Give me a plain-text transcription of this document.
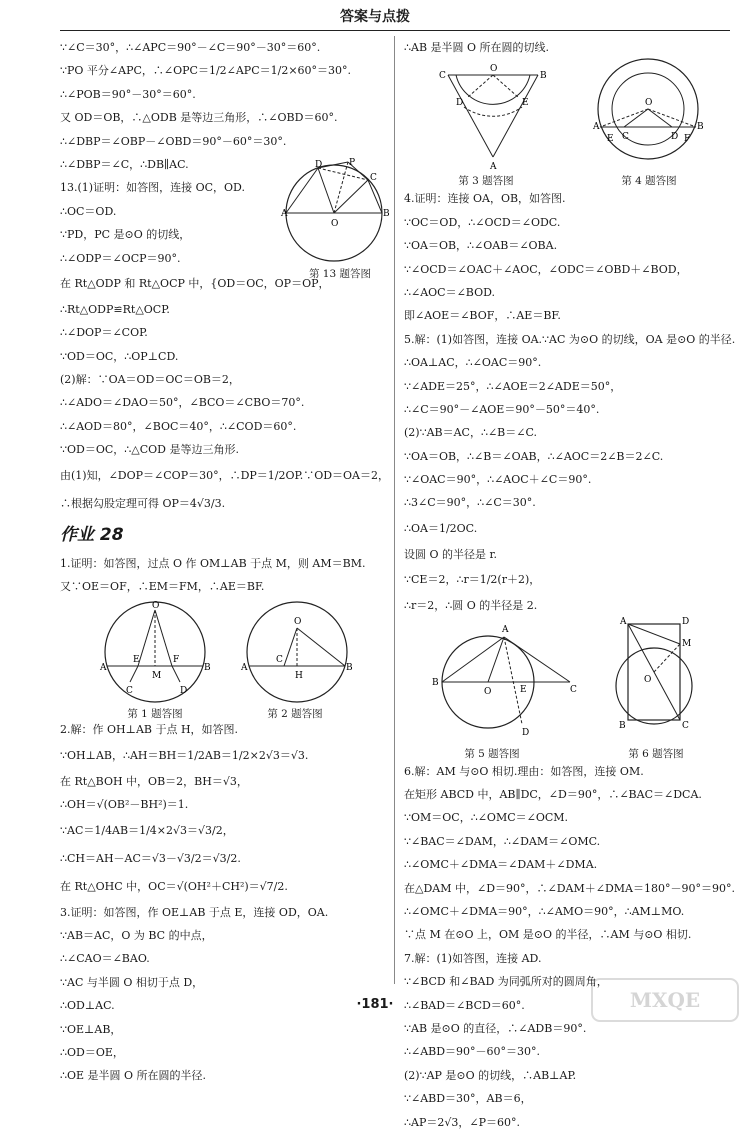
答案与点拨
∵∠C＝30°，∴∠APC＝90°－∠C＝90°－30°＝60°.
∵PO 平分∠APC，∴∠OPC＝1/2∠APC＝1/2×60°＝30°.
∴∠POB＝90°－30°＝60°.
又 OD＝OB，∴△ODB 是等边三角形，∴∠OBD＝60°.
∴∠DBP＝∠OBP－∠OBD＝90°－60°＝30°.
∴∠DBP＝∠C，∴DB∥AC.
13.(1)证明：如答图，连接 OC，OD.
∴OC＝OD.
∵PD，PC 是⊙O 的切线，
∴∠ODP＝∠OCP＝90°.
在 Rt△ODP 和 Rt△OCP 中，{OD＝OC，OP＝OP，
∴Rt△ODP≌Rt△OCP.
∴∠DOP＝∠COP.
∵OD＝OC，∴OP⊥CD.
(2)解：∵OA＝OD＝OC＝OB＝2，
∴∠ADO＝∠DAO＝50°，∠BCO＝∠CBO＝70°.
∴∠AOD＝80°，∠BOC＝40°，∴∠COD＝60°.
∵OD＝OC，∴△COD 是等边三角形.
由(1)知，∠DOP＝∠COP＝30°，∴DP＝1/2OP.∵OD＝OA＝2，
∴根据勾股定理可得 OP＝4√3/3.
作业 28
1.证明：如答图，过点 O 作 OM⊥AB 于点 M，则 AM＝BM.
又∵OE＝OF，∴EM＝FM，∴AE＝BF.
O
A	B
E	F
M
C	D
第 1 题答图
O
A	B
C
H
第 2 题答图
2.解：作 OH⊥AB 于点 H，如答图.
∵OH⊥AB，∴AH＝BH＝1/2AB＝1/2×2√3＝√3.
在 Rt△BOH 中，OB＝2，BH＝√3，
∴OH＝√(OB²－BH²)＝1.
∵AC＝1/4AB＝1/4×2√3＝√3/2，
∴CH＝AH－AC＝√3－√3/2＝√3/2.
在 Rt△OHC 中，OC＝√(OH²＋CH²)＝√7/2.
3.证明：如答图，作 OE⊥AB 于点 E，连接 OD，OA.
∵AB＝AC，O 为 BC 的中点，
∴∠CAO＝∠BAO.
∵AC 与半圆 O 相切于点 D，
∴OD⊥AC.
∵OE⊥AB，
∴OD＝OE，
∴OE 是半圆 O 所在圆的半径.
O
A	B
D	P
C
第 13 题答图
∴AB 是半圆 O 所在圆的切线.
O
C	B
D	E
A
第 3 题答图
O
A	B
E C	D F
第 4 题答图
4.证明：连接 OA，OB，如答图.
∵OC＝OD，∴∠OCD＝∠ODC.
∵OA＝OB，∴∠OAB＝∠OBA.
∵∠OCD＝∠OAC＋∠AOC，∠ODC＝∠OBD＋∠BOD，
∴∠AOC＝∠BOD.
即∠AOE＝∠BOF，∴AE＝BF.
5.解：(1)如答图，连接 OA.∵AC 为⊙O 的切线，OA 是⊙O 的半径.
∴OA⊥AC，∴∠OAC＝90°.
∵∠ADE＝25°，∴∠AOE＝2∠ADE＝50°，
∴∠C＝90°－∠AOE＝90°－50°＝40°.
(2)∵AB＝AC，∴∠B＝∠C.
∵OA＝OB，∴∠B＝∠OAB，∴∠AOC＝2∠B＝2∠C.
∵∠OAC＝90°，∴∠AOC＋∠C＝90°.
∴3∠C＝90°，∴∠C＝30°.
∴OA＝1/2OC.
设圆 O 的半径是 r.
∵CE＝2，∴r＝1/2(r＋2)，
∴r＝2，∴圆 O 的半径是 2.
A
B
C
O	E
D
第 5 题答图
A	D
M
O
B	C
第 6 题答图
6.解：AM 与⊙O 相切.理由：如答图，连接 OM.
在矩形 ABCD 中，AB∥DC，∠D＝90°，∴∠BAC＝∠DCA.
∵OM＝OC，∴∠OMC＝∠OCM.
∵∠BAC＝∠DAM，∴∠DAM＝∠OMC.
∴∠OMC＋∠DMA＝∠DAM＋∠DMA.
在△DAM 中，∠D＝90°，∴∠DAM＋∠DMA＝180°－90°＝90°.
∴∠OMC＋∠DMA＝90°，∴∠AMO＝90°，∴AM⊥MO.
∵点 M 在⊙O 上，OM 是⊙O 的半径，∴AM 与⊙O 相切.
7.解：(1)如答图，连接 AD.
∵∠BCD 和∠BAD 为同弧所对的圆周角，
∴∠BAD＝∠BCD＝60°.
∵AB 是⊙O 的直径，∴∠ADB＝90°.
∴∠ABD＝90°－60°＝30°.
(2)∵AP 是⊙O 的切线，∴AB⊥AP.
∵∠ABD＝30°，AB＝6，
∴AP＝2√3，∠P＝60°.
·181·	MXQE
